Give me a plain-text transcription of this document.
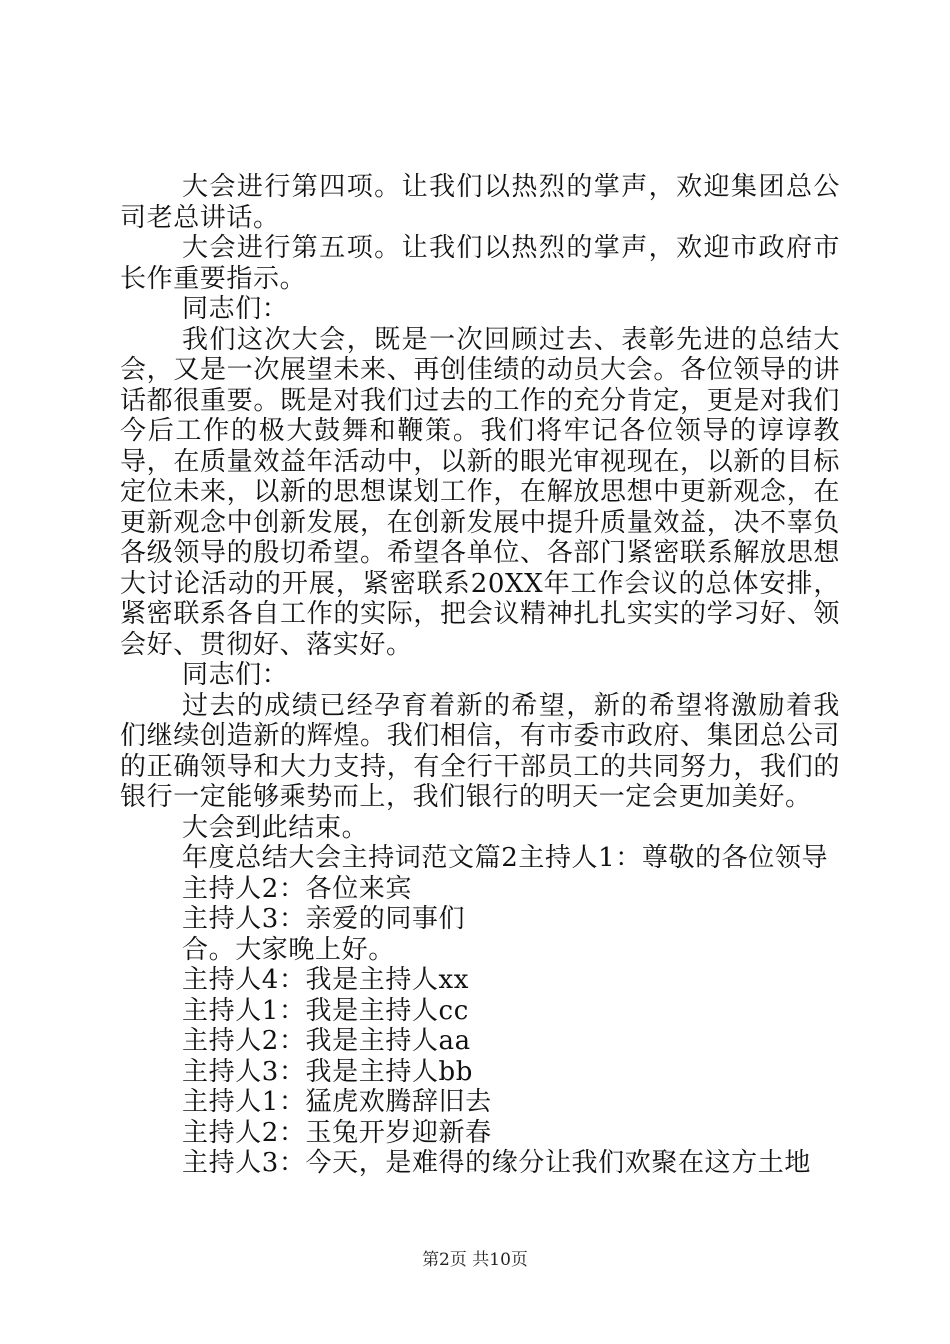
大会进行第四项。让我们以热烈的掌声，欢迎集团总公司老总讲话。

大会进行第五项。让我们以热烈的掌声，欢迎市政府市长作重要指示。

同志们：

我们这次大会，既是一次回顾过去、表彰先进的总结大会，又是一次展望未来、再创佳绩的动员大会。各位领导的讲话都很重要。既是对我们过去的工作的充分肯定，更是对我们今后工作的极大鼓舞和鞭策。我们将牢记各位领导的谆谆教导，在质量效益年活动中，以新的眼光审视现在，以新的目标定位未来，以新的思想谋划工作，在解放思想中更新观念，在更新观念中创新发展，在创新发展中提升质量效益，决不辜负各级领导的殷切希望。希望各单位、各部门紧密联系解放思想大讨论活动的开展，紧密联系20XX年工作会议的总体安排，紧密联系各自工作的实际，把会议精神扎扎实实的学习好、领会好、贯彻好、落实好。

同志们：

过去的成绩已经孕育着新的希望，新的希望将激励着我们继续创造新的辉煌。我们相信，有市委市政府、集团总公司的正确领导和大力支持，有全行干部员工的共同努力，我们的银行一定能够乘势而上，我们银行的明天一定会更加美好。

大会到此结束。

年度总结大会主持词范文篇2主持人1：尊敬的各位领导

主持人2：各位来宾

主持人3：亲爱的同事们

合。大家晚上好。

主持人4：我是主持人xx

主持人1：我是主持人cc

主持人2：我是主持人aa

主持人3：我是主持人bb

主持人1：猛虎欢腾辞旧去

主持人2：玉兔开岁迎新春

主持人3：今天，是难得的缘分让我们欢聚在这方土地

第2页 共10页
